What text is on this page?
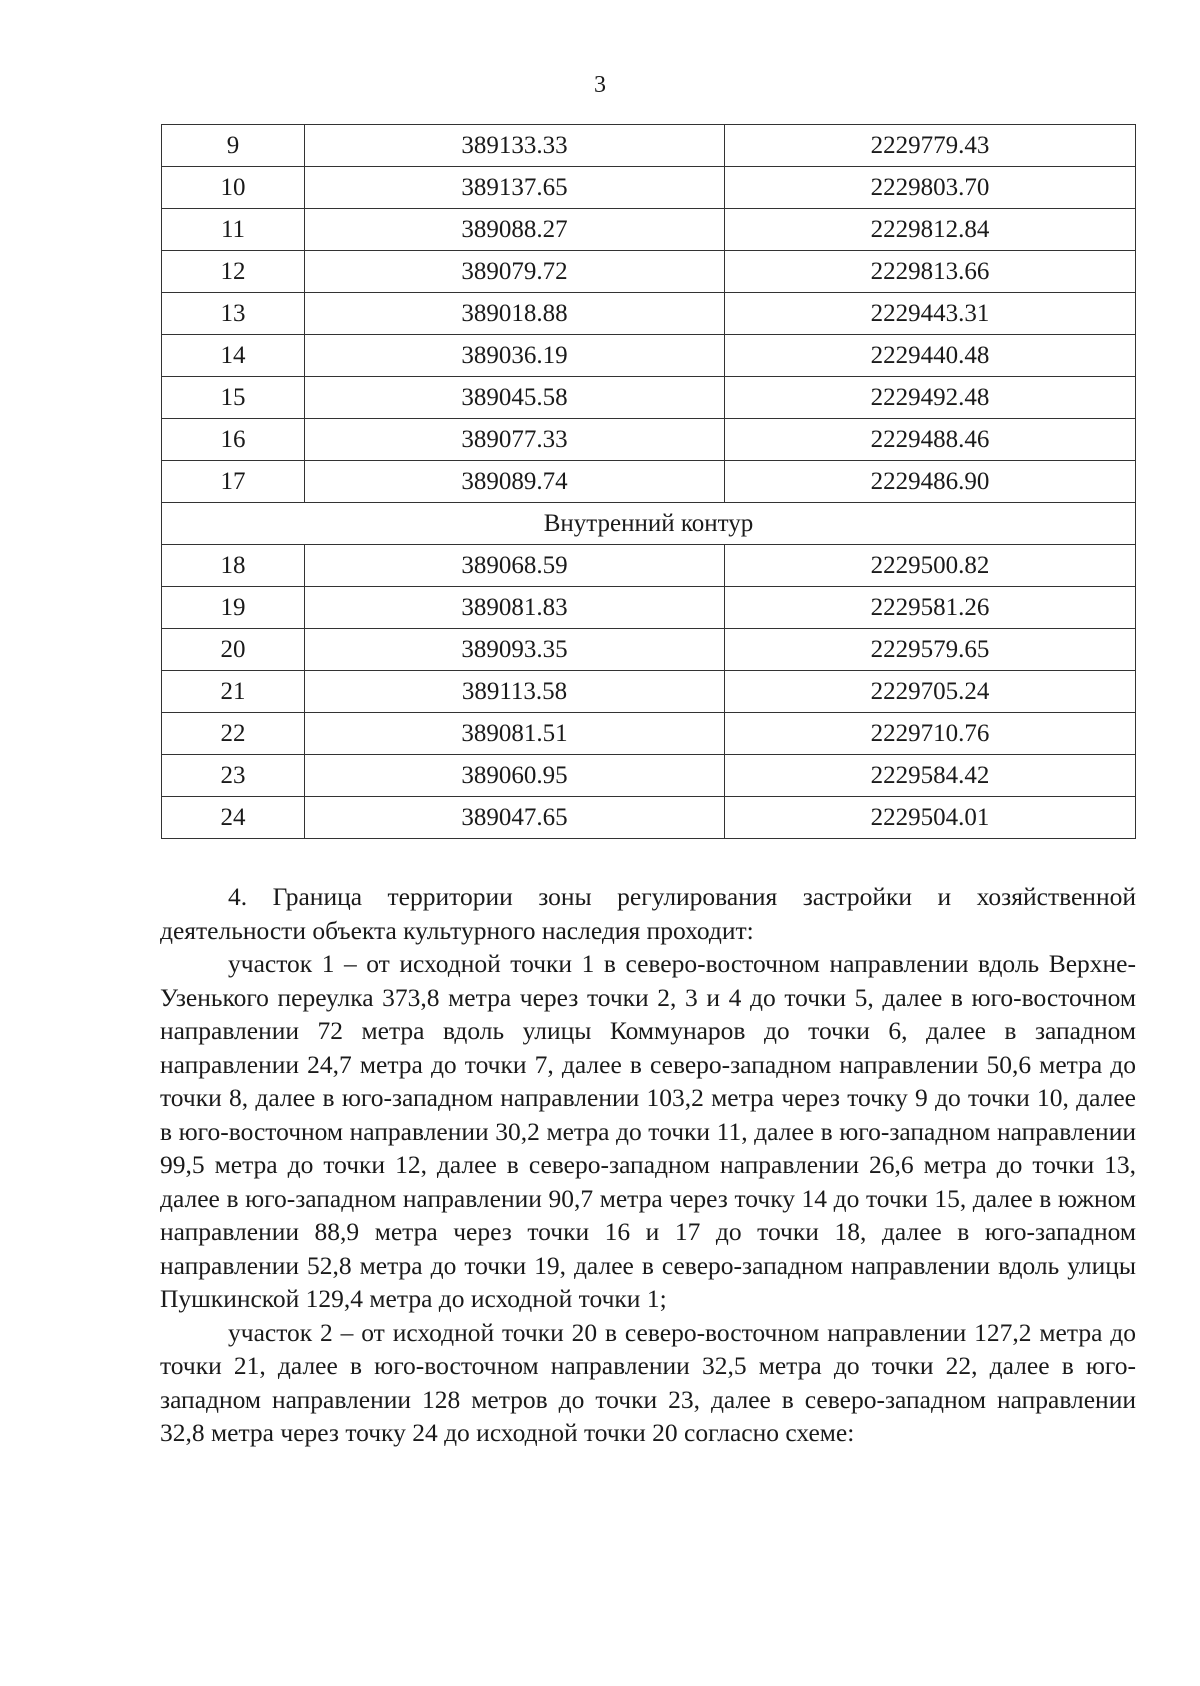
3
9	389133.33	2229779.43
10	389137.65	2229803.70
11	389088.27	2229812.84
12	389079.72	2229813.66
13	389018.88	2229443.31
14	389036.19	2229440.48
15	389045.58	2229492.48
16	389077.33	2229488.46
17	389089.74	2229486.90
Внутренний контур		
18	389068.59	2229500.82
19	389081.83	2229581.26
20	389093.35	2229579.65
21	389113.58	2229705.24
22	389081.51	2229710.76
23	389060.95	2229584.42
24	389047.65	2229504.01

4. Граница территории зоны регулирования застройки и хозяйственной деятельности объекта культурного наследия проходит:

участок 1 – от исходной точки 1 в северо-восточном направлении вдоль Верхне-Узенького переулка 373,8 метра через точки 2, 3 и 4 до точки 5, далее в юго-восточном направлении 72 метра вдоль улицы Коммунаров до точки 6, далее в западном направлении 24,7 метра до точки 7, далее в северо-западном направлении 50,6 метра до точки 8, далее в юго-западном направлении 103,2 метра через точку 9 до точки 10, далее в юго-восточном направлении 30,2 метра до точки 11, далее в юго-западном направлении 99,5 метра до точки 12, далее в северо-западном направлении 26,6 метра до точки 13, далее в юго-западном направлении 90,7 метра через точку 14 до точки 15, далее в южном направлении 88,9 метра через точки 16 и 17 до точки 18, далее в юго-западном направлении 52,8 метра до точки 19, далее в северо-западном направлении вдоль улицы Пушкинской 129,4 метра до исходной точки 1;

участок 2 – от исходной точки 20 в северо-восточном направлении 127,2 метра до точки 21, далее в юго-восточном направлении 32,5 метра до точки 22, далее в юго-западном направлении 128 метров до точки 23, далее в северо-западном направлении 32,8 метра через точку 24 до исходной точки 20 согласно схеме:
